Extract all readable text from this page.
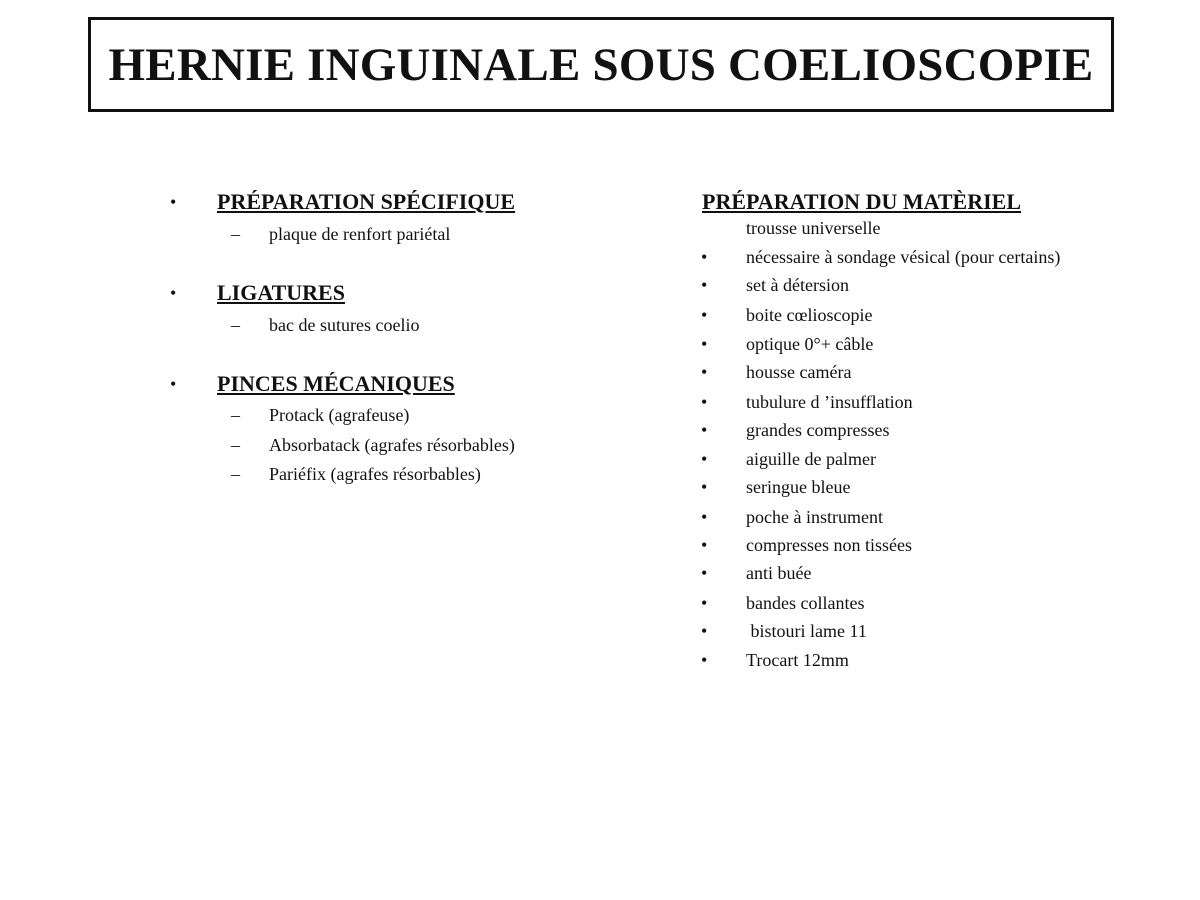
HERNIE INGUINALE SOUS COELIOSCOPIE
• PRÉPARATION SPÉCIFIQUE
– plaque de renfort pariétal
• LIGATURES
– bac de sutures coelio
• PINCES MÉCANIQUES
– Protack (agrafeuse)
– Absorbatack (agrafes résorbables)
– Pariéfix (agrafes résorbables)
PRÉPARATION DU MATÈRIEL
trousse universelle
• nécessaire à sondage vésical (pour certains)
• set à détersion
• boite cœlioscopie
• optique 0°+ câble
• housse caméra
• tubulure d ’insufflation
• grandes compresses
• aiguille de palmer
• seringue bleue
• poche à instrument
• compresses non tissées
• anti buée
• bandes collantes
• bistouri lame 11
• Trocart 12mm
